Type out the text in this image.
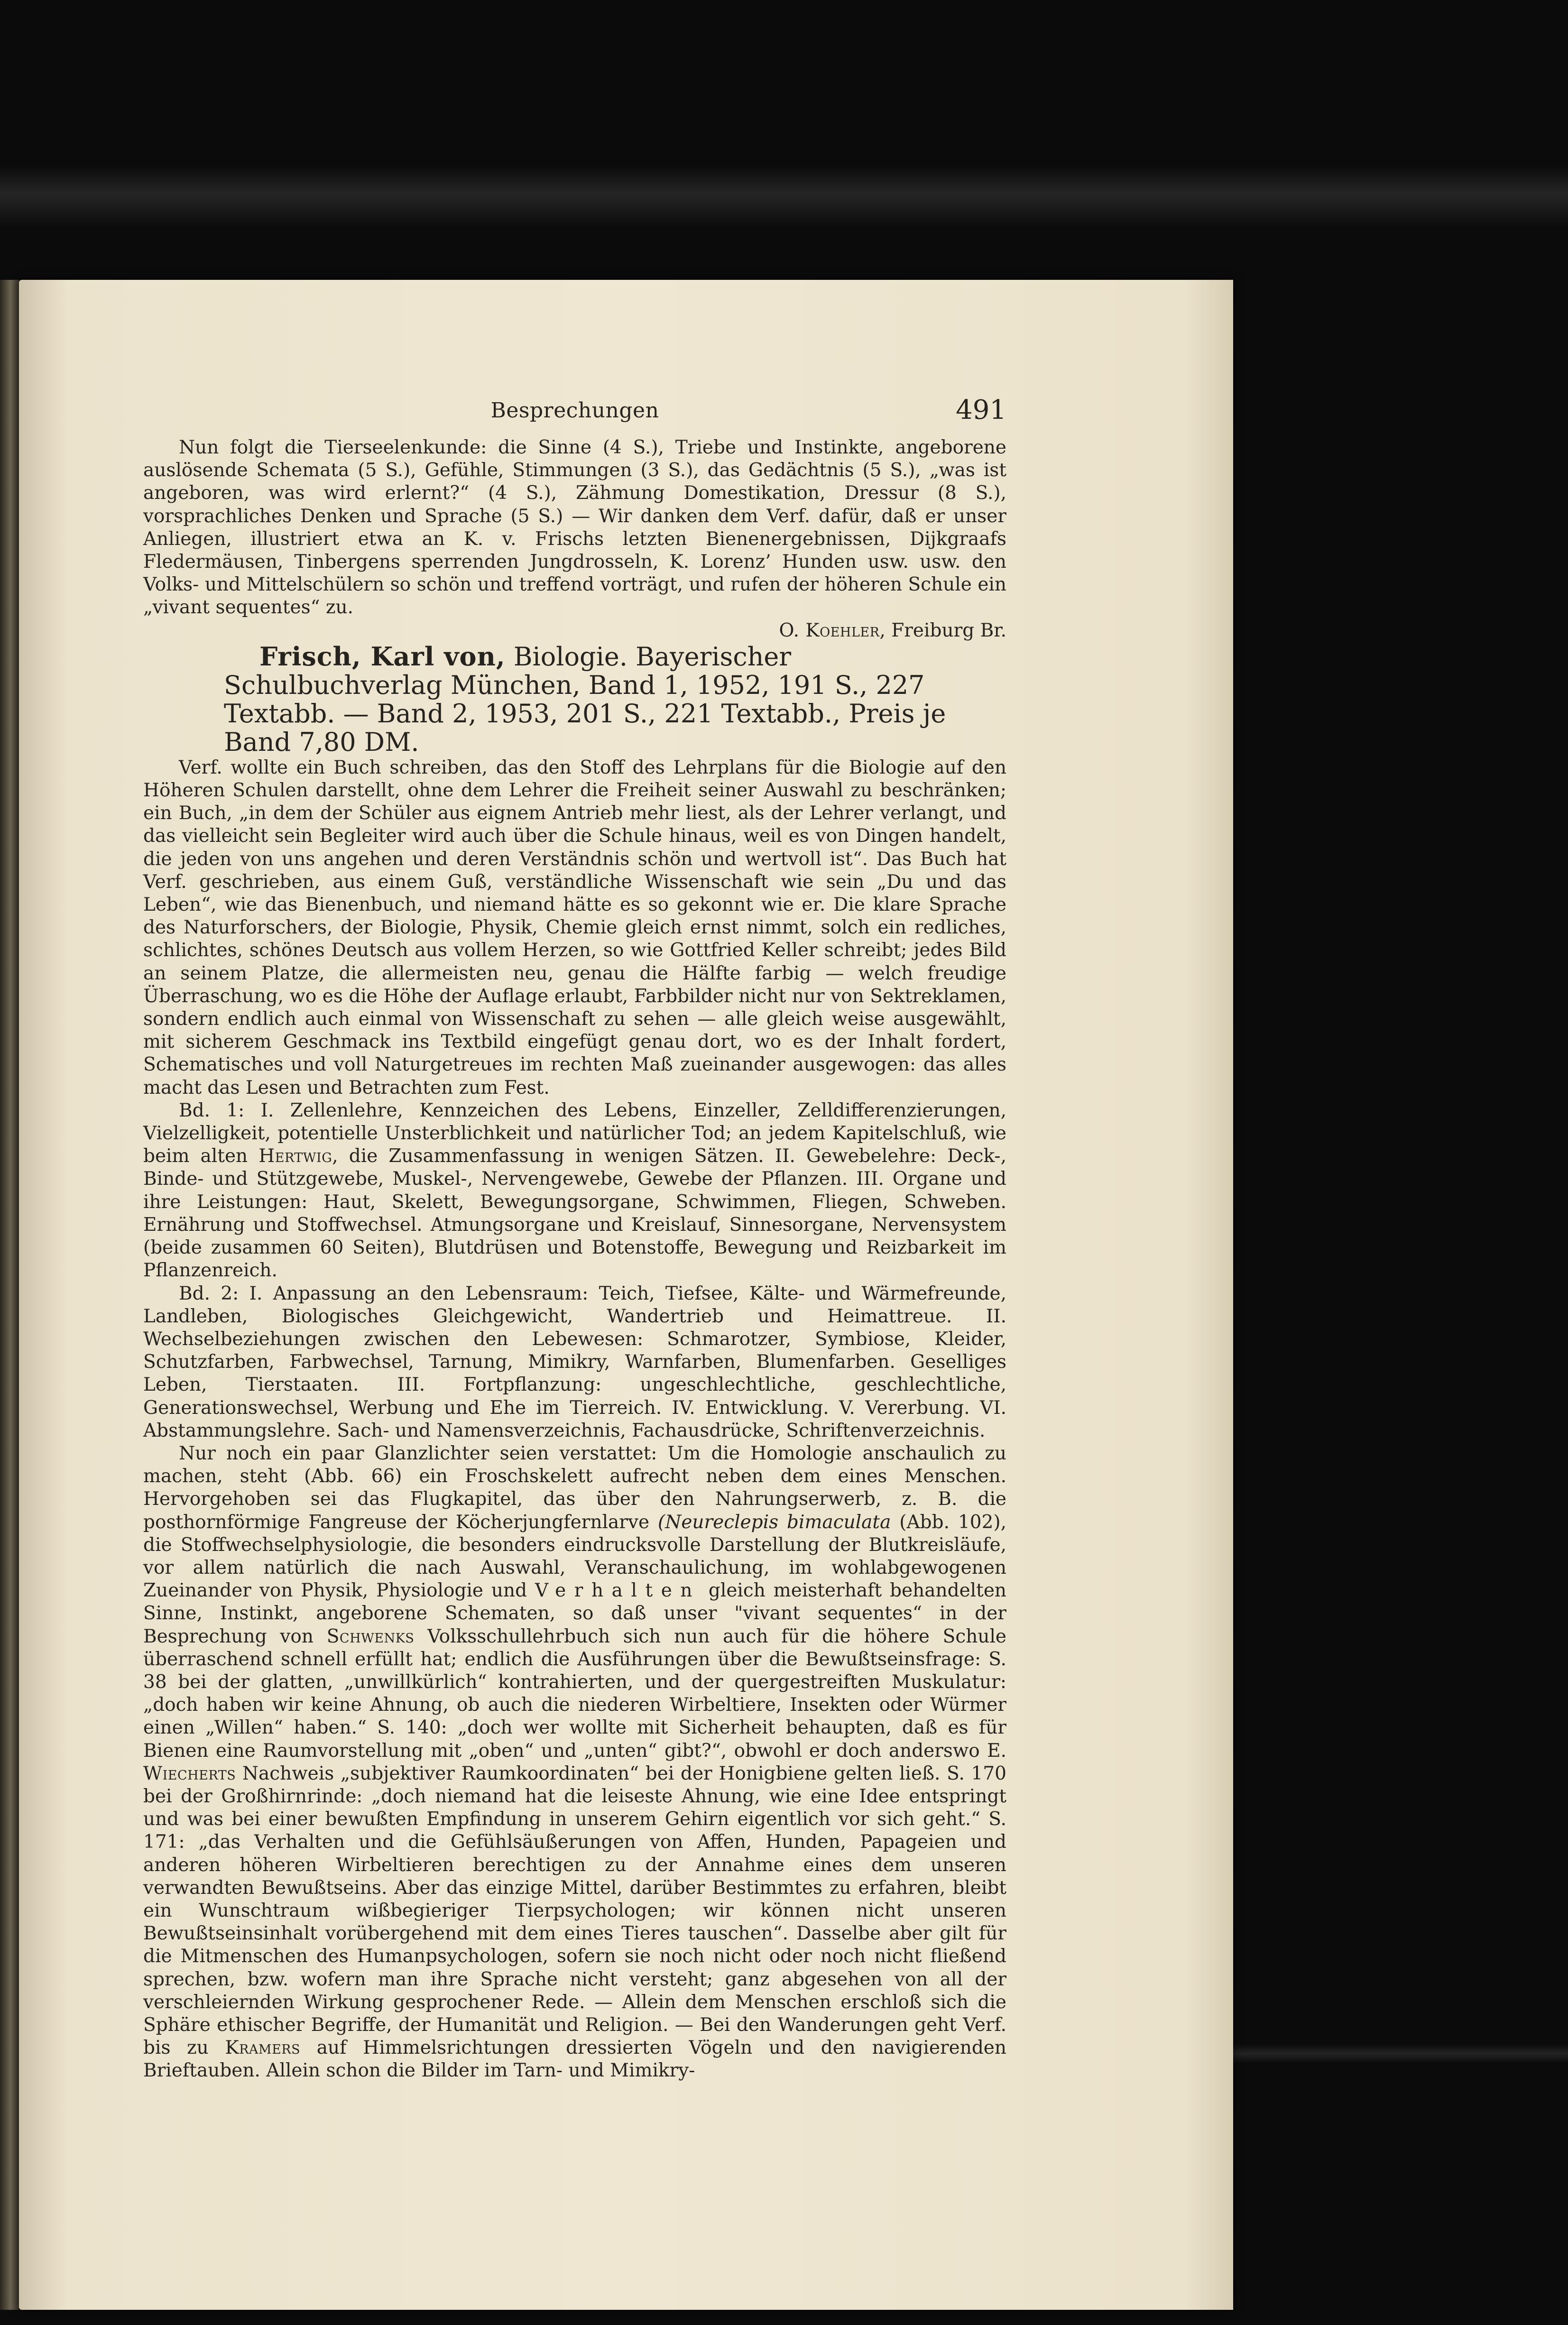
Besprechungen	491

Nun folgt die Tierseelenkunde: die Sinne (4 S.), Triebe und Instinkte, angeborene auslösende Schemata (5 S.), Gefühle, Stimmungen (3 S.), das Gedächtnis (5 S.), „was ist angeboren, was wird erlernt?“ (4 S.), Zähmung Domestikation, Dressur (8 S.), vorsprachliches Denken und Sprache (5 S.) — Wir danken dem Verf. dafür, daß er unser Anliegen, illustriert etwa an K. v. Frischs letzten Bienenergebnissen, Dijkgraafs Fledermäusen, Tinbergens sperrenden Jungdrosseln, K. Lorenz’ Hunden usw. usw. den Volks- und Mittelschülern so schön und treffend vorträgt, und rufen der höheren Schule ein „vivant sequentes“ zu.

O. Koehler, Freiburg Br.

Frisch, Karl von, Biologie. Bayerischer Schulbuchverlag München, Band 1, 1952, 191 S., 227 Textabb. — Band 2, 1953, 201 S., 221 Textabb., Preis je Band 7,80 DM.

Verf. wollte ein Buch schreiben, das den Stoff des Lehrplans für die Biologie auf den Höheren Schulen darstellt, ohne dem Lehrer die Freiheit seiner Auswahl zu beschränken; ein Buch, „in dem der Schüler aus eignem Antrieb mehr liest, als der Lehrer verlangt, und das vielleicht sein Begleiter wird auch über die Schule hinaus, weil es von Dingen handelt, die jeden von uns angehen und deren Verständnis schön und wertvoll ist“. Das Buch hat Verf. geschrieben, aus einem Guß, verständliche Wissenschaft wie sein „Du und das Leben“, wie das Bienenbuch, und niemand hätte es so gekonnt wie er. Die klare Sprache des Naturforschers, der Biologie, Physik, Chemie gleich ernst nimmt, solch ein redliches, schlichtes, schönes Deutsch aus vollem Herzen, so wie Gottfried Keller schreibt; jedes Bild an seinem Platze, die allermeisten neu, genau die Hälfte farbig — welch freudige Überraschung, wo es die Höhe der Auflage erlaubt, Farbbilder nicht nur von Sektreklamen, sondern endlich auch einmal von Wissenschaft zu sehen — alle gleich weise ausgewählt, mit sicherem Geschmack ins Textbild eingefügt genau dort, wo es der Inhalt fordert, Schematisches und voll Naturgetreues im rechten Maß zueinander ausgewogen: das alles macht das Lesen und Betrachten zum Fest.

Bd. 1: I. Zellenlehre, Kennzeichen des Lebens, Einzeller, Zelldifferenzierungen, Vielzelligkeit, potentielle Unsterblichkeit und natürlicher Tod; an jedem Kapitelschluß, wie beim alten Hertwig, die Zusammenfassung in wenigen Sätzen. II. Gewebelehre: Deck-, Binde- und Stützgewebe, Muskel-, Nervengewebe, Gewebe der Pflanzen. III. Organe und ihre Leistungen: Haut, Skelett, Bewegungsorgane, Schwimmen, Fliegen, Schweben. Ernährung und Stoffwechsel. Atmungsorgane und Kreislauf, Sinnesorgane, Nervensystem (beide zusammen 60 Seiten), Blutdrüsen und Botenstoffe, Bewegung und Reizbarkeit im Pflanzenreich.

Bd. 2: I. Anpassung an den Lebensraum: Teich, Tiefsee, Kälte- und Wärmefreunde, Landleben, Biologisches Gleichgewicht, Wandertrieb und Heimattreue. II. Wechselbeziehungen zwischen den Lebewesen: Schmarotzer, Symbiose, Kleider, Schutzfarben, Farbwechsel, Tarnung, Mimikry, Warnfarben, Blumenfarben. Geselliges Leben, Tierstaaten. III. Fortpflanzung: ungeschlechtliche, geschlechtliche, Generationswechsel, Werbung und Ehe im Tierreich. IV. Entwicklung. V. Vererbung. VI. Abstammungslehre. Sach- und Namensverzeichnis, Fachausdrücke, Schriftenverzeichnis.

Nur noch ein paar Glanzlichter seien verstattet: Um die Homologie anschaulich zu machen, steht (Abb. 66) ein Froschskelett aufrecht neben dem eines Menschen. Hervorgehoben sei das Flugkapitel, das über den Nahrungserwerb, z. B. die posthornförmige Fangreuse der Köcherjungfernlarve (Neureclepis bimaculata (Abb. 102), die Stoffwechselphysiologie, die besonders eindrucksvolle Darstellung der Blutkreisläufe, vor allem natürlich die nach Auswahl, Veranschaulichung, im wohlabgewogenen Zueinander von Physik, Physiologie und Verhalten gleich meisterhaft behandelten Sinne, Instinkt, angeborene Schematen, so daß unser "vivant sequentes“ in der Besprechung von Schwenks Volksschullehrbuch sich nun auch für die höhere Schule überraschend schnell erfüllt hat; endlich die Ausführungen über die Bewußtseinsfrage: S. 38 bei der glatten, „unwillkürlich“ kontrahierten, und der quergestreiften Muskulatur: „doch haben wir keine Ahnung, ob auch die niederen Wirbeltiere, Insekten oder Würmer einen „Willen“ haben.“ S. 140: „doch wer wollte mit Sicherheit behaupten, daß es für Bienen eine Raumvorstellung mit „oben“ und „unten“ gibt?“, obwohl er doch anderswo E. Wiecherts Nachweis „subjektiver Raumkoordinaten“ bei der Honigbiene gelten ließ. S. 170 bei der Großhirnrinde: „doch niemand hat die leiseste Ahnung, wie eine Idee entspringt und was bei einer bewußten Empfindung in unserem Gehirn eigentlich vor sich geht.“ S. 171: „das Verhalten und die Gefühlsäußerungen von Affen, Hunden, Papageien und anderen höheren Wirbeltieren berechtigen zu der Annahme eines dem unseren verwandten Bewußtseins. Aber das einzige Mittel, darüber Bestimmtes zu erfahren, bleibt ein Wunschtraum wißbegieriger Tierpsychologen; wir können nicht unseren Bewußtseinsinhalt vorübergehend mit dem eines Tieres tauschen“. Dasselbe aber gilt für die Mitmenschen des Humanpsychologen, sofern sie noch nicht oder noch nicht fließend sprechen, bzw. wofern man ihre Sprache nicht versteht; ganz abgesehen von all der verschleiernden Wirkung gesprochener Rede. — Allein dem Menschen erschloß sich die Sphäre ethischer Begriffe, der Humanität und Religion. — Bei den Wanderungen geht Verf. bis zu Kramers auf Himmelsrichtungen dressierten Vögeln und den navigierenden Brieftauben. Allein schon die Bilder im Tarn- und Mimikry-
